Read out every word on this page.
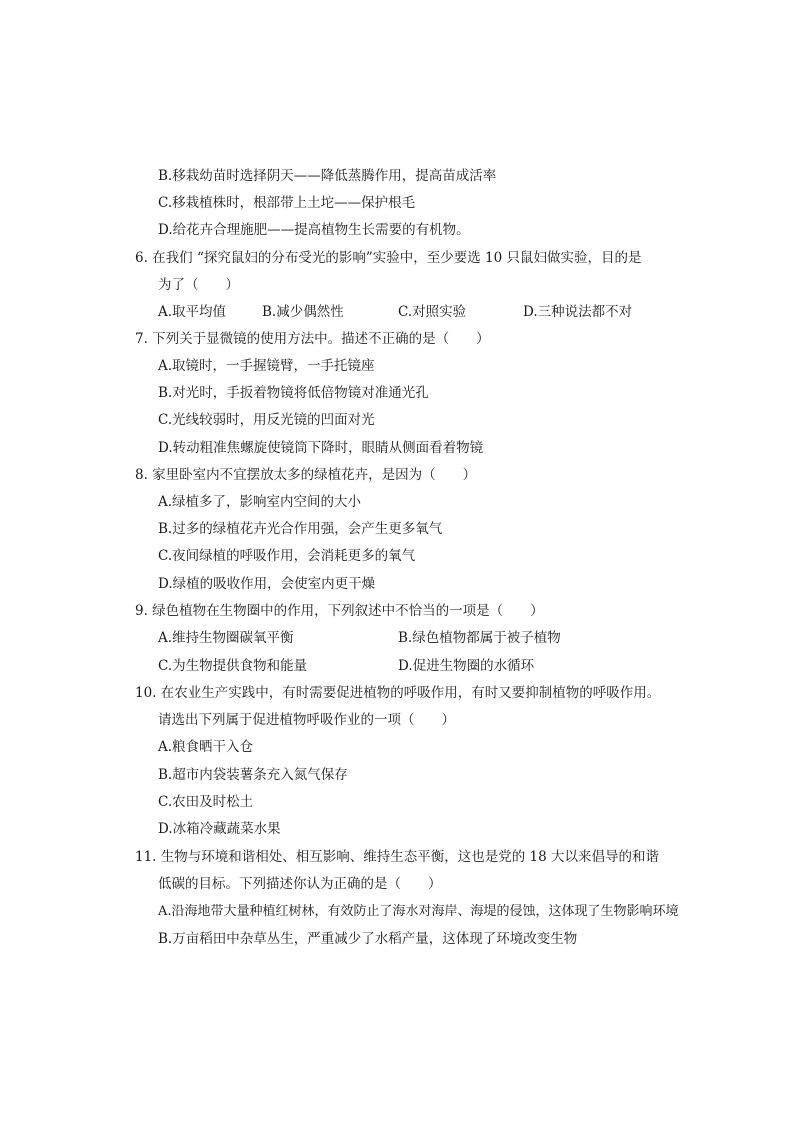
B.移栽幼苗时选择阴天——降低蒸腾作用，提高苗成活率
C.移栽植株时，根部带上土坨——保护根毛
D.给花卉合理施肥——提高植物生长需要的有机物。
6. 在我们 “探究鼠妇的分布受光的影响”实验中，至少要选 10 只鼠妇做实验，目的是
为了（　　）
A.取平均值	B.减少偶然性	C.对照实验	D.三种说法都不对
7. 下列关于显微镜的使用方法中。描述不正确的是（　　）
A.取镜时，一手握镜臂，一手托镜座
B.对光时，手扳着物镜将低倍物镜对准通光孔
C.光线较弱时，用反光镜的凹面对光
D.转动粗准焦螺旋使镜筒下降时，眼睛从侧面看着物镜
8. 家里卧室内不宜摆放太多的绿植花卉，是因为（　　）
A.绿植多了，影响室内空间的大小
B.过多的绿植花卉光合作用强，会产生更多氧气
C.夜间绿植的呼吸作用，会消耗更多的氧气
D.绿植的吸收作用，会使室内更干燥
9. 绿色植物在生物圈中的作用，下列叙述中不恰当的一项是（　　）
A.维持生物圈碳氧平衡	B.绿色植物都属于被子植物
C.为生物提供食物和能量	D.促进生物圈的水循环
10. 在农业生产实践中，有时需要促进植物的呼吸作用，有时又要抑制植物的呼吸作用。
请选出下列属于促进植物呼吸作业的一项（　　）
A.粮食晒干入仓
B.超市内袋装薯条充入氮气保存
C.农田及时松土
D.冰箱冷藏蔬菜水果
11. 生物与环境和谐相处、相互影响、维持生态平衡，这也是党的 18 大以来倡导的和谐
低碳的目标。下列描述你认为正确的是（　　）
A.沿海地带大量种植红树林，有效防止了海水对海岸、海堤的侵蚀，这体现了生物影响环境
B.万亩稻田中杂草丛生，严重减少了水稻产量，这体现了环境改变生物
